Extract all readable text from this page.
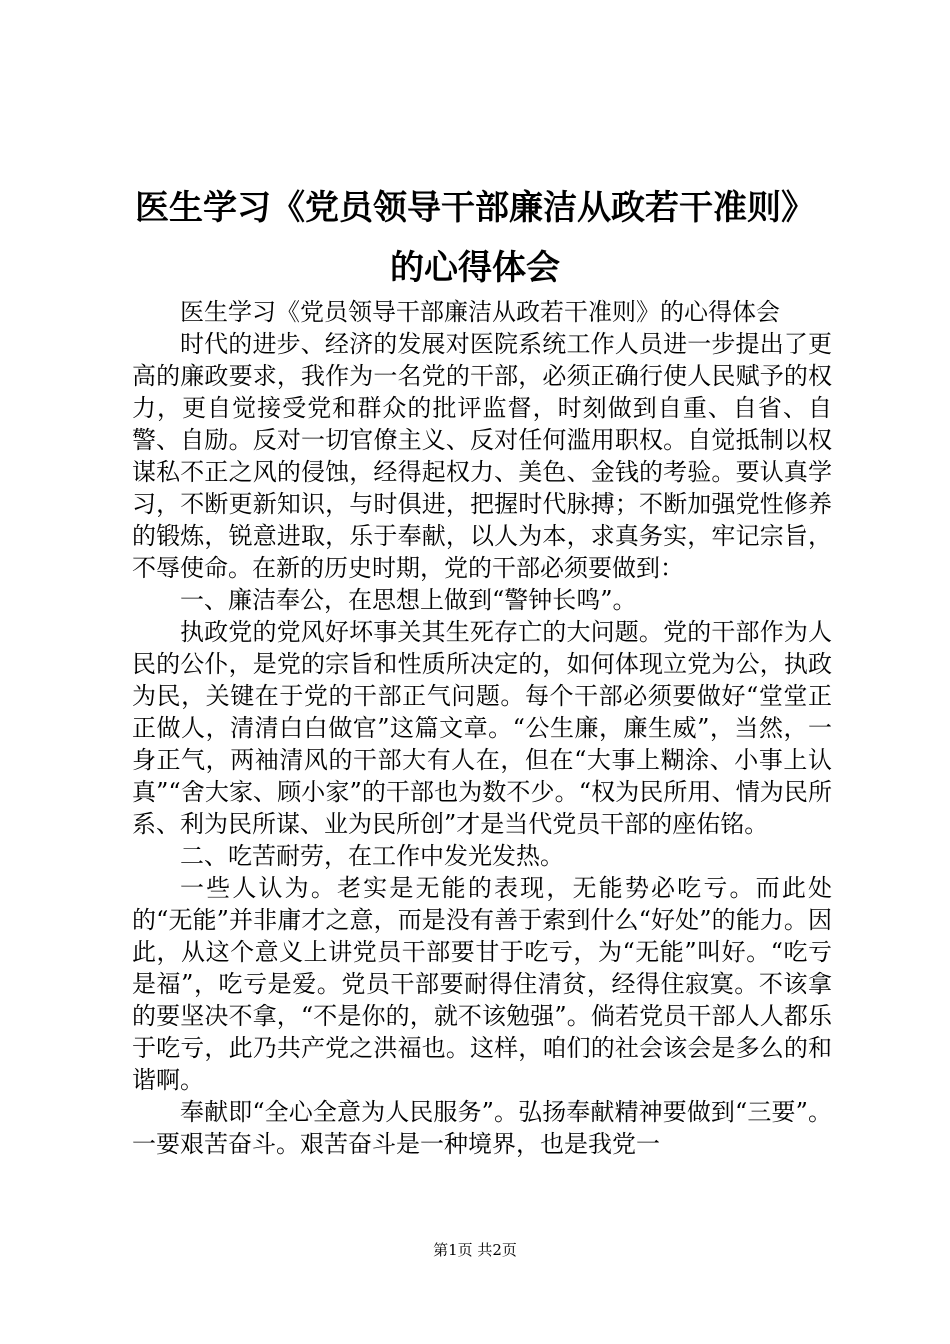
医生学习《党员领导干部廉洁从政若干准则》
的心得体会

医生学习《党员领导干部廉洁从政若干准则》的心得体会

时代的进步、经济的发展对医院系统工作人员进一步提出了更高的廉政要求，我作为一名党的干部，必须正确行使人民赋予的权力，更自觉接受党和群众的批评监督，时刻做到自重、自省、自警、自励。反对一切官僚主义、反对任何滥用职权。自觉抵制以权谋私不正之风的侵蚀，经得起权力、美色、金钱的考验。要认真学习，不断更新知识，与时俱进，把握时代脉搏；不断加强党性修养的锻炼，锐意进取，乐于奉献，以人为本，求真务实，牢记宗旨，不辱使命。在新的历史时期，党的干部必须要做到：

一、廉洁奉公，在思想上做到“警钟长鸣”。

执政党的党风好坏事关其生死存亡的大问题。党的干部作为人民的公仆，是党的宗旨和性质所决定的，如何体现立党为公，执政为民，关键在于党的干部正气问题。每个干部必须要做好“堂堂正正做人，清清白白做官”这篇文章。“公生廉，廉生威”，当然，一身正气，两袖清风的干部大有人在，但在“大事上糊涂、小事上认真”“舍大家、顾小家”的干部也为数不少。“权为民所用、情为民所系、利为民所谋、业为民所创”才是当代党员干部的座佑铭。

二、吃苦耐劳，在工作中发光发热。

一些人认为。老实是无能的表现，无能势必吃亏。而此处的“无能”并非庸才之意，而是没有善于索到什么“好处”的能力。因此，从这个意义上讲党员干部要甘于吃亏，为“无能”叫好。“吃亏是福”，吃亏是爱。党员干部要耐得住清贫，经得住寂寞。不该拿的要坚决不拿，“不是你的，就不该勉强”。倘若党员干部人人都乐于吃亏，此乃共产党之洪福也。这样，咱们的社会该会是多么的和谐啊。

奉献即“全心全意为人民服务”。弘扬奉献精神要做到“三要”。一要艰苦奋斗。艰苦奋斗是一种境界，也是我党一

第1页 共2页
